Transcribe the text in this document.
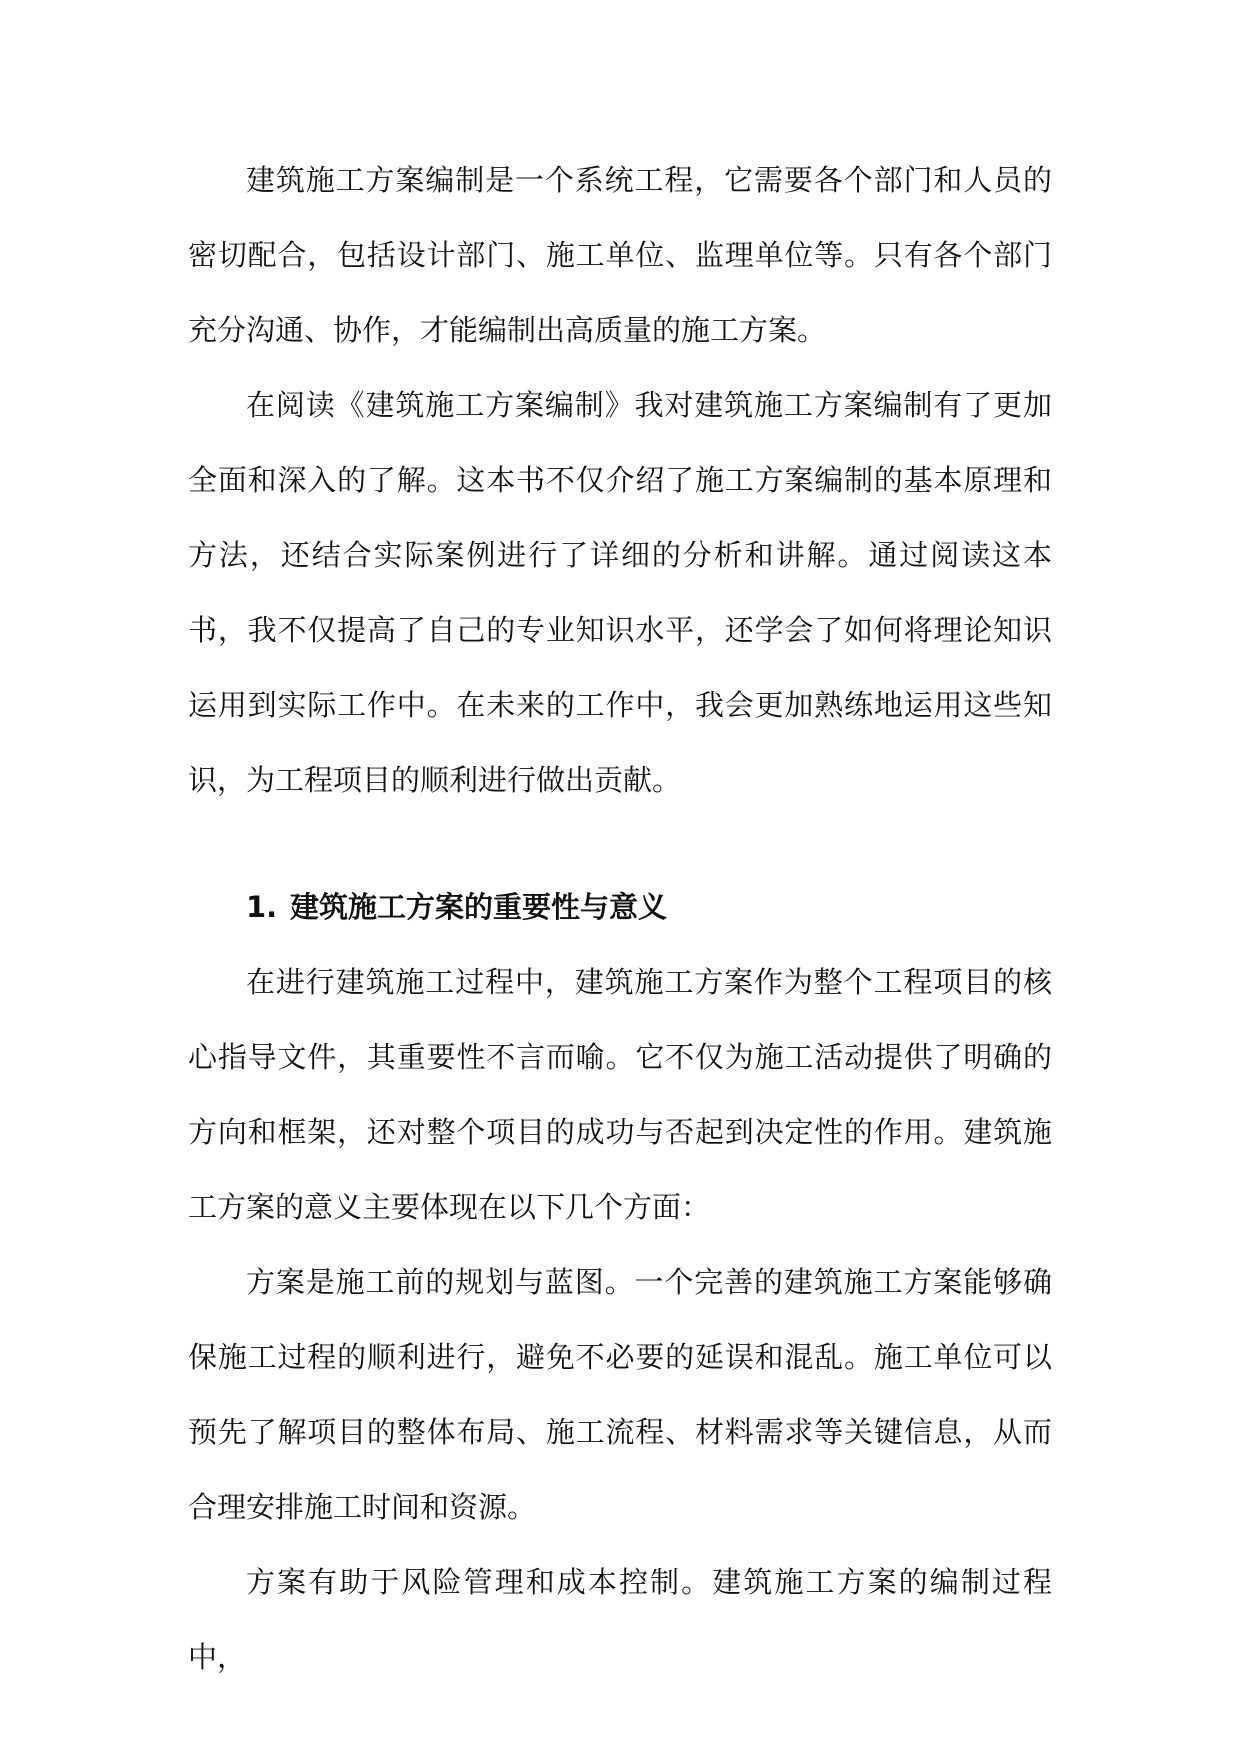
建筑施工方案编制是一个系统工程，它需要各个部门和人员的密切配合，包括设计部门、施工单位、监理单位等。只有各个部门充分沟通、协作，才能编制出高质量的施工方案。

在阅读《建筑施工方案编制》我对建筑施工方案编制有了更加全面和深入的了解。这本书不仅介绍了施工方案编制的基本原理和方法，还结合实际案例进行了详细的分析和讲解。通过阅读这本书，我不仅提高了自己的专业知识水平，还学会了如何将理论知识运用到实际工作中。在未来的工作中，我会更加熟练地运用这些知识，为工程项目的顺利进行做出贡献。

1. 建筑施工方案的重要性与意义

在进行建筑施工过程中，建筑施工方案作为整个工程项目的核心指导文件，其重要性不言而喻。它不仅为施工活动提供了明确的方向和框架，还对整个项目的成功与否起到决定性的作用。建筑施工方案的意义主要体现在以下几个方面：

方案是施工前的规划与蓝图。一个完善的建筑施工方案能够确保施工过程的顺利进行，避免不必要的延误和混乱。施工单位可以预先了解项目的整体布局、施工流程、材料需求等关键信息，从而合理安排施工时间和资源。

方案有助于风险管理和成本控制。建筑施工方案的编制过程中，
